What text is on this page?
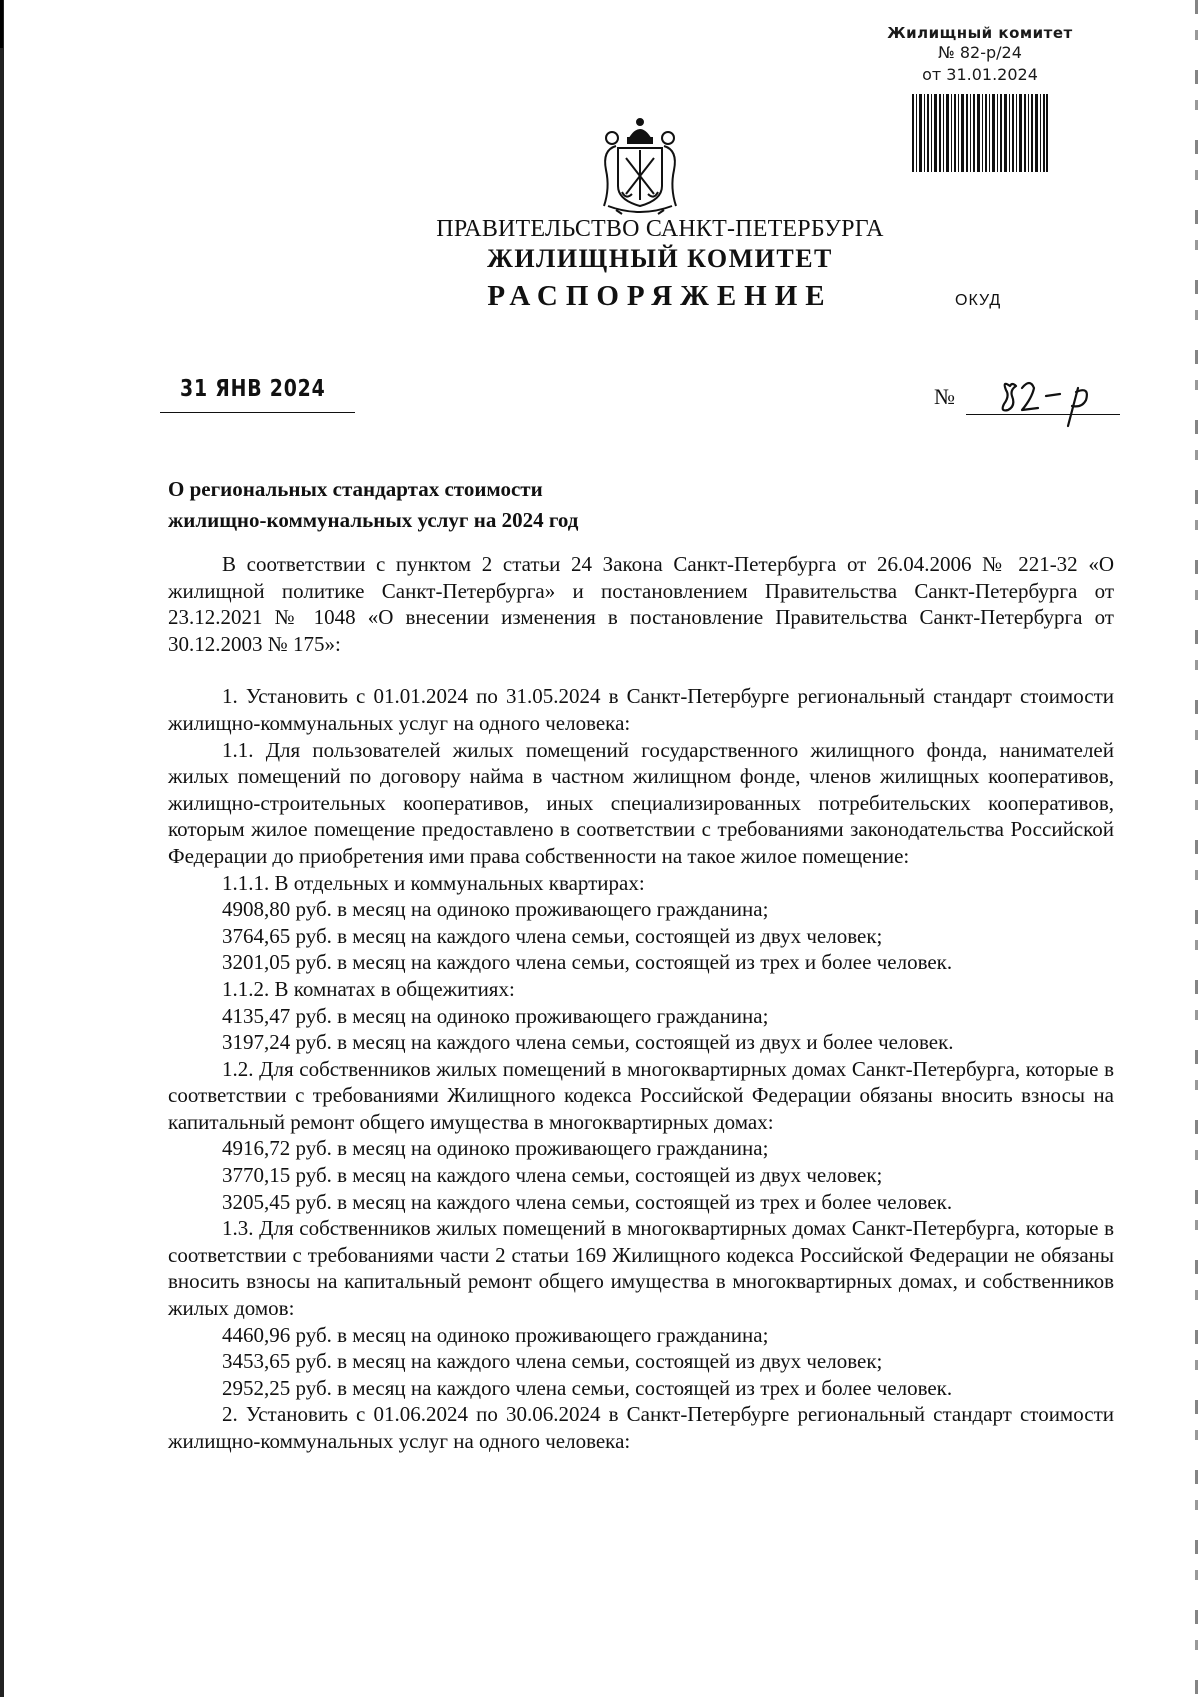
Жилищный комитет
№ 82-р/24
от 31.01.2024
ПРАВИТЕЛЬСТВО САНКТ-ПЕТЕРБУРГА
ЖИЛИЩНЫЙ КОМИТЕТ
РАСПОРЯЖЕНИЕ	ОКУД
31 ЯНВ 2024	№
О региональных стандартах стоимости
жилищно-коммунальных услуг на 2024 год

В соответствии с пунктом 2 статьи 24 Закона Санкт-Петербурга от 26.04.2006 № 221-32 «О жилищной политике Санкт-Петербурга» и постановлением Правительства Санкт-Петербурга от 23.12.2021 № 1048 «О внесении изменения в постановление Правительства Санкт-Петербурга от 30.12.2003 № 175»:

1. Установить с 01.01.2024 по 31.05.2024 в Санкт-Петербурге региональный стандарт стоимости жилищно-коммунальных услуг на одного человека:

1.1. Для пользователей жилых помещений государственного жилищного фонда, нанимателей жилых помещений по договору найма в частном жилищном фонде, членов жилищных кооперативов, жилищно-строительных кооперативов, иных специализированных потребительских кооперативов, которым жилое помещение предоставлено в соответствии с требованиями законодательства Российской Федерации до приобретения ими права собственности на такое жилое помещение:

1.1.1. В отдельных и коммунальных квартирах:

4908,80 руб. в месяц на одиноко проживающего гражданина;

3764,65 руб. в месяц на каждого члена семьи, состоящей из двух человек;

3201,05 руб. в месяц на каждого члена семьи, состоящей из трех и более человек.

1.1.2. В комнатах в общежитиях:

4135,47 руб. в месяц на одиноко проживающего гражданина;

3197,24 руб. в месяц на каждого члена семьи, состоящей из двух и более человек.

1.2. Для собственников жилых помещений в многоквартирных домах Санкт-Петербурга, которые в соответствии с требованиями Жилищного кодекса Российской Федерации обязаны вносить взносы на капитальный ремонт общего имущества в многоквартирных домах:

4916,72 руб. в месяц на одиноко проживающего гражданина;

3770,15 руб. в месяц на каждого члена семьи, состоящей из двух человек;

3205,45 руб. в месяц на каждого члена семьи, состоящей из трех и более человек.

1.3. Для собственников жилых помещений в многоквартирных домах Санкт-Петербурга, которые в соответствии с требованиями части 2 статьи 169 Жилищного кодекса Российской Федерации не обязаны вносить взносы на капитальный ремонт общего имущества в многоквартирных домах, и собственников жилых домов:

4460,96 руб. в месяц на одиноко проживающего гражданина;

3453,65 руб. в месяц на каждого члена семьи, состоящей из двух человек;

2952,25 руб. в месяц на каждого члена семьи, состоящей из трех и более человек.

2. Установить с 01.06.2024 по 30.06.2024 в Санкт-Петербурге региональный стандарт стоимости жилищно-коммунальных услуг на одного человека:
